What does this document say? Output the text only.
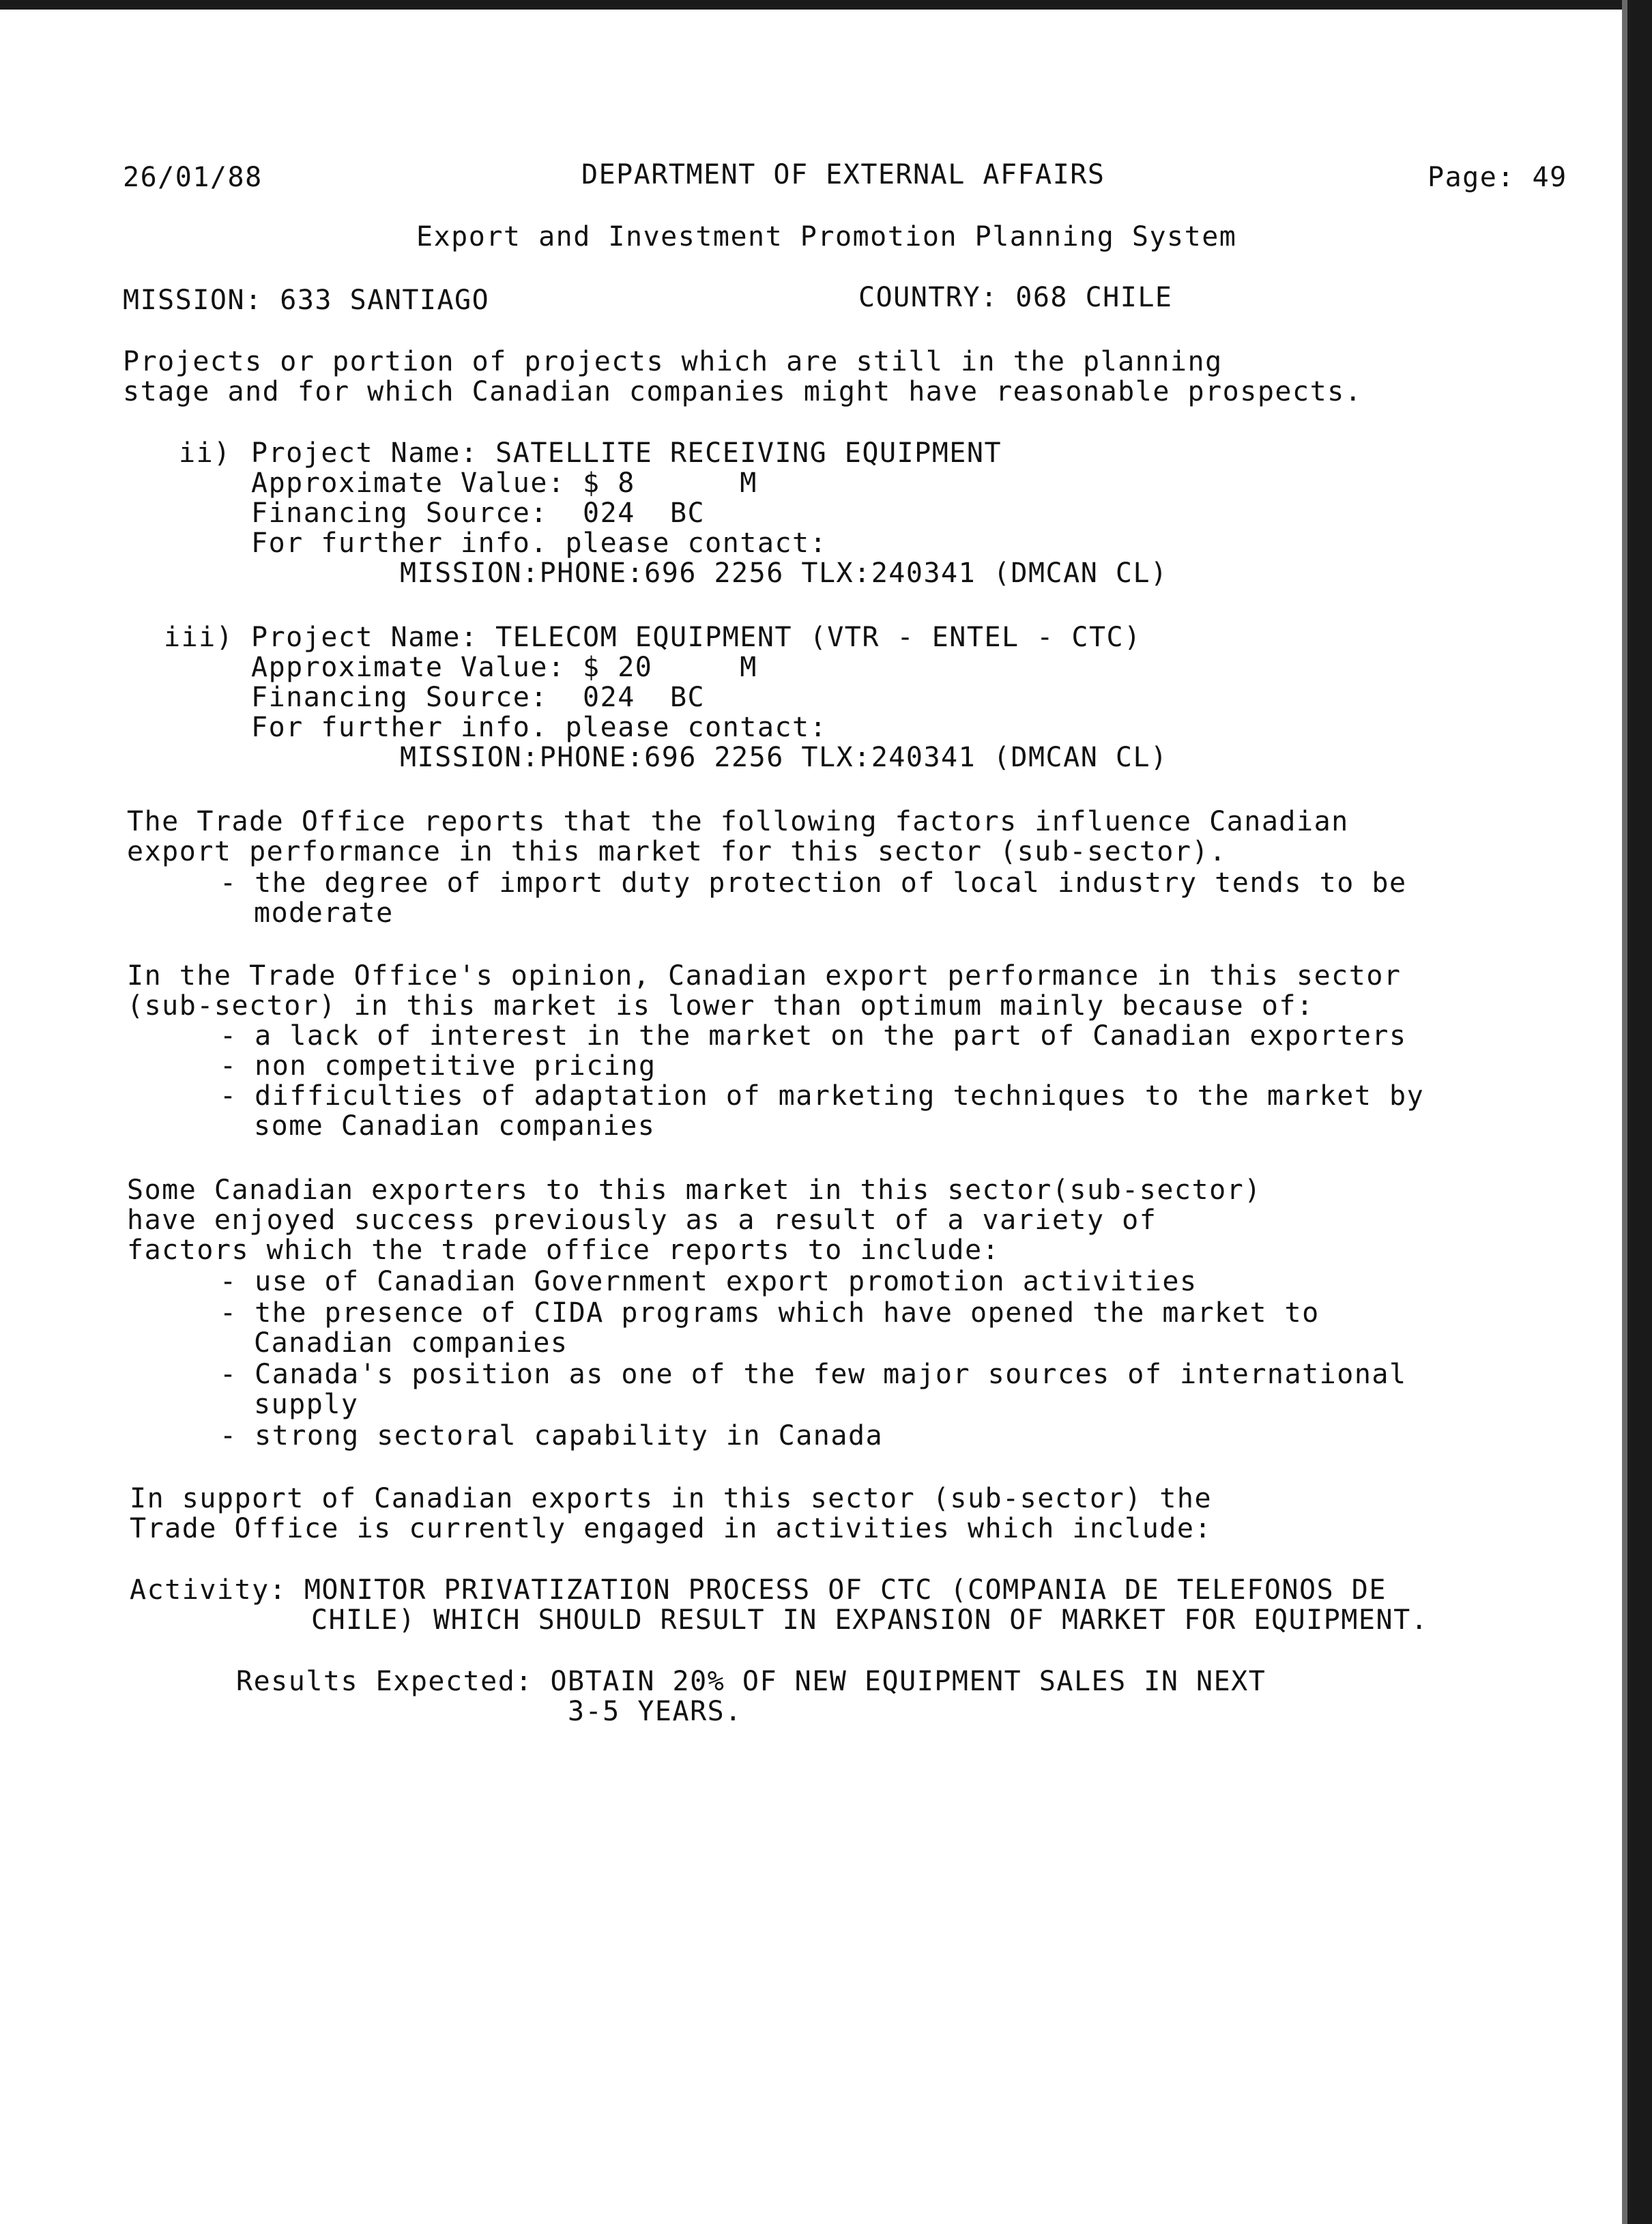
26/01/88	DEPARTMENT OF EXTERNAL AFFAIRS	Page: 49
Export and Investment Promotion Planning System
MISSION: 633 SANTIAGO	COUNTRY: 068 CHILE
Projects or portion of projects which are still in the planning
stage and for which Canadian companies might have reasonable prospects.
ii) Project Name: SATELLITE RECEIVING EQUIPMENT
Approximate Value: $ 8      M
Financing Source:  024  BC
For further info. please contact:
MISSION:PHONE:696 2256 TLX:240341 (DMCAN CL)
iii) Project Name: TELECOM EQUIPMENT (VTR - ENTEL - CTC)
Approximate Value: $ 20     M
Financing Source:  024  BC
For further info. please contact:
MISSION:PHONE:696 2256 TLX:240341 (DMCAN CL)
The Trade Office reports that the following factors influence Canadian
export performance in this market for this sector (sub-sector).
- the degree of import duty protection of local industry tends to be
moderate
In the Trade Office's opinion, Canadian export performance in this sector
(sub-sector) in this market is lower than optimum mainly because of:
- a lack of interest in the market on the part of Canadian exporters
- non competitive pricing
- difficulties of adaptation of marketing techniques to the market by
some Canadian companies
Some Canadian exporters to this market in this sector(sub-sector)
have enjoyed success previously as a result of a variety of
factors which the trade office reports to include:
- use of Canadian Government export promotion activities
- the presence of CIDA programs which have opened the market to
Canadian companies
- Canada's position as one of the few major sources of international
supply
- strong sectoral capability in Canada
In support of Canadian exports in this sector (sub-sector) the
Trade Office is currently engaged in activities which include:
Activity: MONITOR PRIVATIZATION PROCESS OF CTC (COMPANIA DE TELEFONOS DE
CHILE) WHICH SHOULD RESULT IN EXPANSION OF MARKET FOR EQUIPMENT.
Results Expected: OBTAIN 20% OF NEW EQUIPMENT SALES IN NEXT
3-5 YEARS.
